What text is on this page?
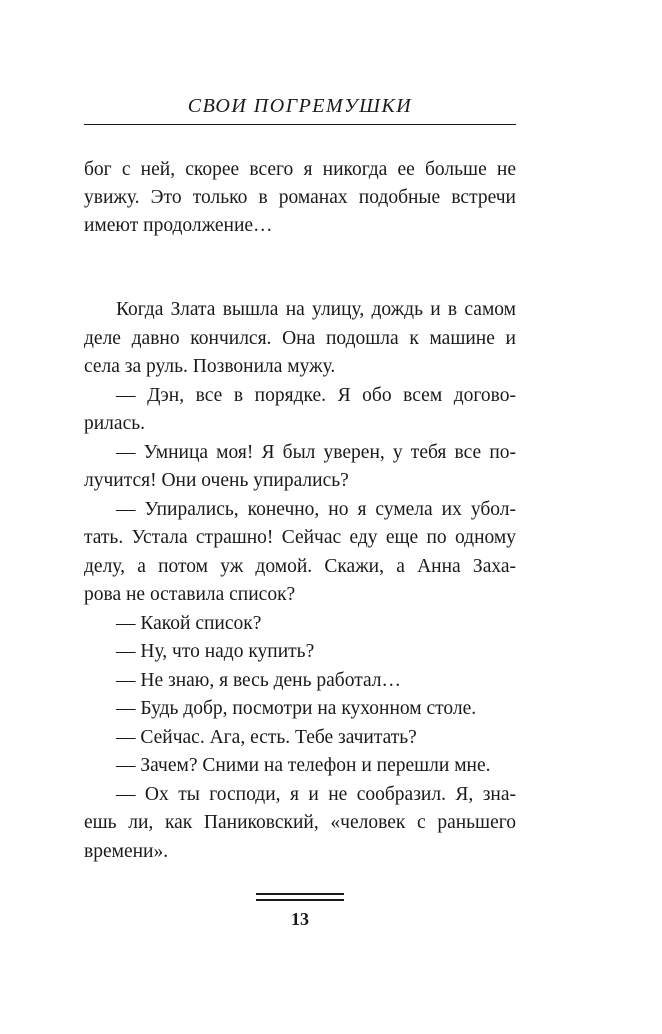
СВОИ ПОГРЕМУШКИ
бог с ней, скорее всего я никогда ее больше не
увижу. Это только в романах подобные встречи
имеют продолжение…
Когда Злата вышла на улицу, дождь и в самом
деле давно кончился. Она подошла к машине и
села за руль. Позвонила мужу.
— Дэн, все в порядке. Я обо всем догово-
рилась.
— Умница моя! Я был уверен, у тебя все по-
лучится! Они очень упирались?
— Упирались, конечно, но я сумела их убол-
тать. Устала страшно! Сейчас еду еще по одному
делу, а потом уж домой. Скажи, а Анна Заха-
рова не оставила список?
— Какой список?
— Ну, что надо купить?
— Не знаю, я весь день работал…
— Будь добр, посмотри на кухонном столе.
— Сейчас. Ага, есть. Тебе зачитать?
— Зачем? Сними на телефон и перешли мне.
— Ох ты господи, я и не сообразил. Я, зна-
ешь ли, как Паниковский, «человек с раньшего
времени».
13
